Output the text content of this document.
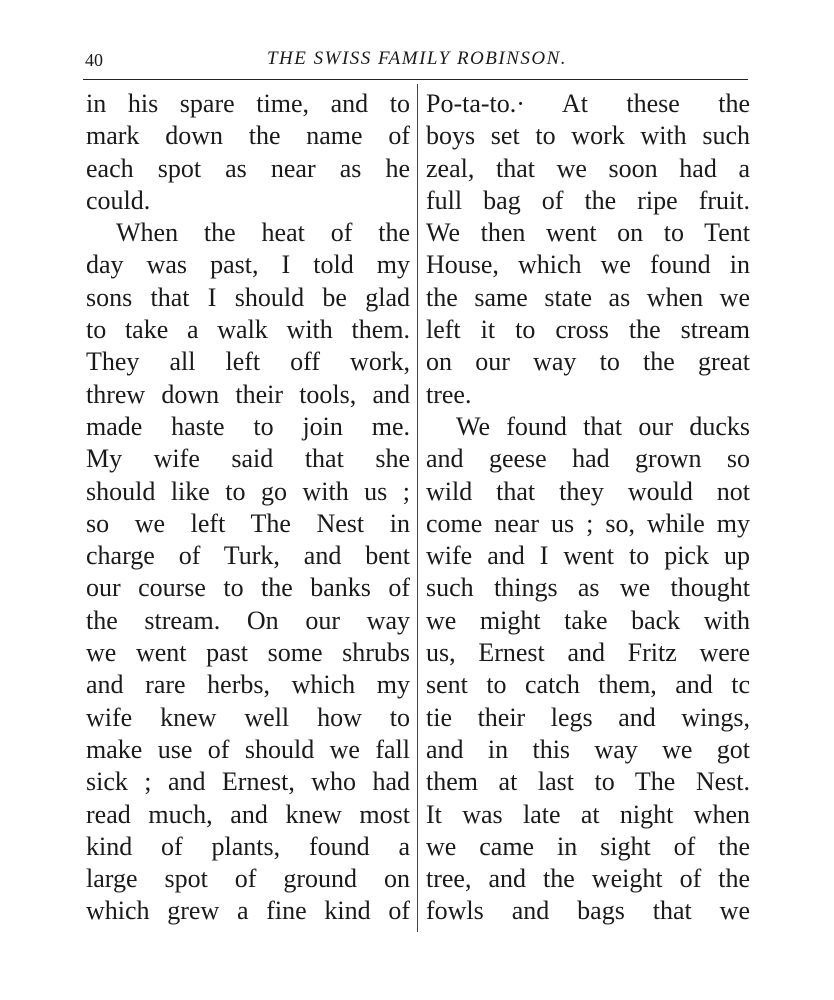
40	THE SWISS FAMILY ROBINSON.
in his spare time, and to
mark down the name of
each spot as near as he
could.
When the heat of the
day was past, I told my
sons that I should be glad
to take a walk with them.
They all left off work,
threw down their tools, and
made haste to join me.
My wife said that she
should like to go with us ;
so we left The Nest in
charge of Turk, and bent
our course to the banks of
the stream. On our way
we went past some shrubs
and rare herbs, which my
wife knew well how to
make use of should we fall
sick ; and Ernest, who had
read much, and knew most
kind of plants, found a
large spot of ground on
which grew a fine kind of
Po-ta-to.· At these the
boys set to work with such
zeal, that we soon had a
full bag of the ripe fruit.
We then went on to Tent
House, which we found in
the same state as when we
left it to cross the stream
on our way to the great
tree.
We found that our ducks
and geese had grown so
wild that they would not
come near us ; so, while my
wife and I went to pick up
such things as we thought
we might take back with
us, Ernest and Fritz were
sent to catch them, and tc
tie their legs and wings,
and in this way we got
them at last to The Nest.
It was late at night when
we came in sight of the
tree, and the weight of the
fowls and bags that we
